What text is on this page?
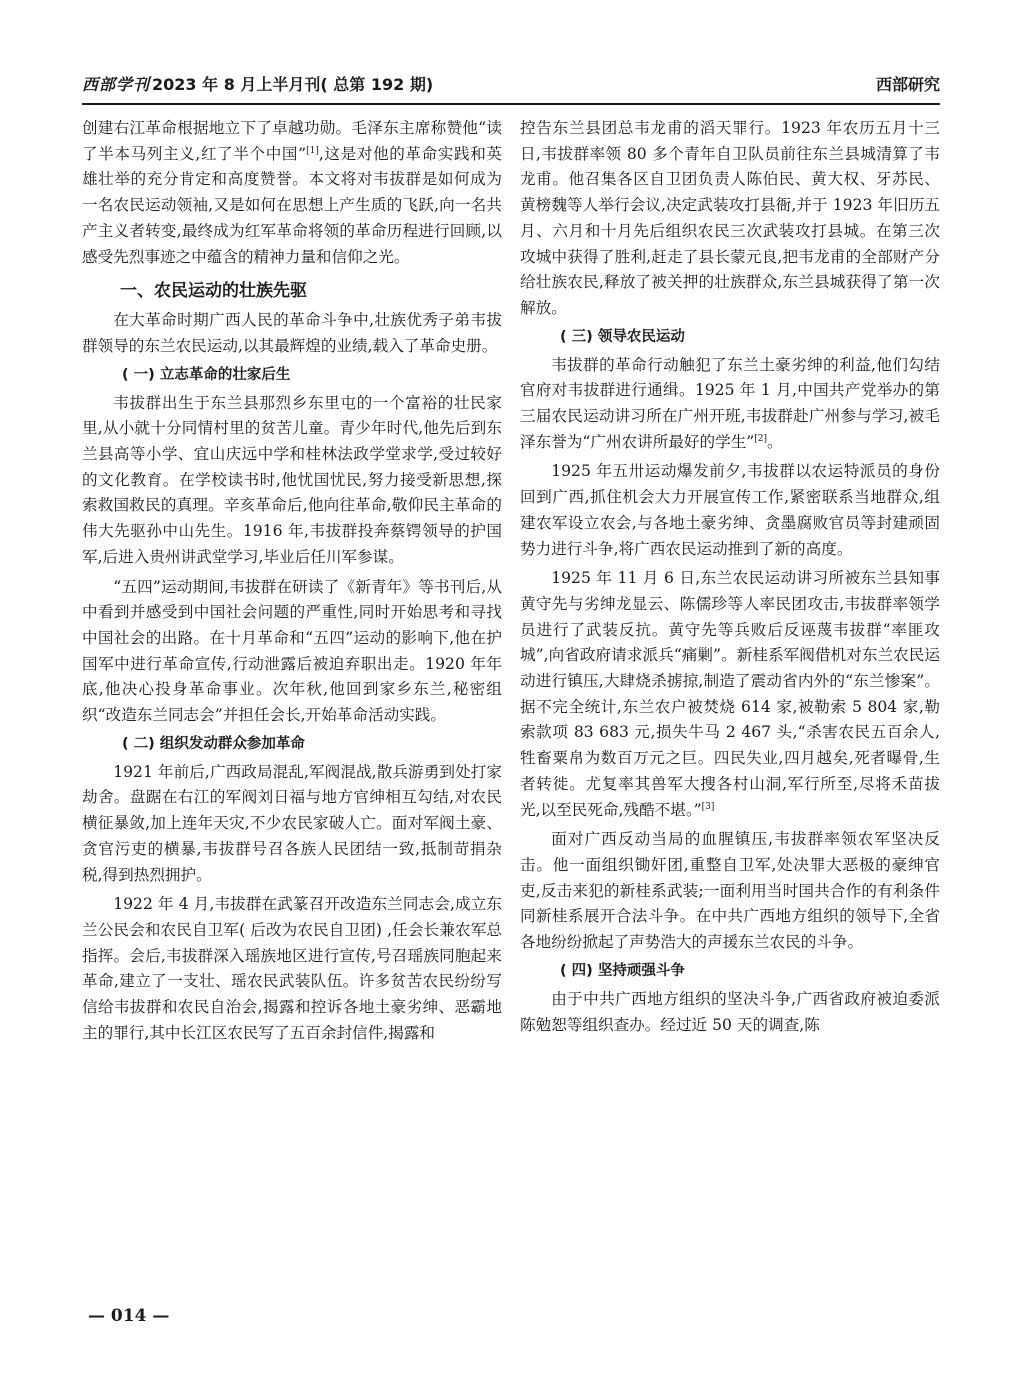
西部学刊 2023 年 8 月上半月刊( 总第 192 期)	西部研究

创建右江革命根据地立下了卓越功勋。毛泽东主席称赞他“读了半本马列主义,红了半个中国”[1],这是对他的革命实践和英雄壮举的充分肯定和高度赞誉。本文将对韦拔群是如何成为一名农民运动领袖,又是如何在思想上产生质的飞跃,向一名共产主义者转变,最终成为红军革命将领的革命历程进行回顾,以感受先烈事迹之中蕴含的精神力量和信仰之光。

一、农民运动的壮族先驱

在大革命时期广西人民的革命斗争中,壮族优秀子弟韦拔群领导的东兰农民运动,以其最辉煌的业绩,载入了革命史册。

( 一) 立志革命的壮家后生

韦拔群出生于东兰县那烈乡东里屯的一个富裕的壮民家里,从小就十分同情村里的贫苦儿童。青少年时代,他先后到东兰县高等小学、宜山庆远中学和桂林法政学堂求学,受过较好的文化教育。在学校读书时,他忧国忧民,努力接受新思想,探索救国救民的真理。辛亥革命后,他向往革命,敬仰民主革命的伟大先驱孙中山先生。1916 年,韦拔群投奔蔡锷领导的护国军,后进入贵州讲武堂学习,毕业后任川军参谋。

“五四”运动期间,韦拔群在研读了《新青年》等书刊后,从中看到并感受到中国社会问题的严重性,同时开始思考和寻找中国社会的出路。在十月革命和“五四”运动的影响下,他在护国军中进行革命宣传,行动泄露后被迫弃职出走。1920 年年底,他决心投身革命事业。次年秋,他回到家乡东兰,秘密组织“改造东兰同志会”并担任会长,开始革命活动实践。

( 二) 组织发动群众参加革命

1921 年前后,广西政局混乱,军阀混战,散兵游勇到处打家劫舍。盘踞在右江的军阀刘日福与地方官绅相互勾结,对农民横征暴敛,加上连年天灾,不少农民家破人亡。面对军阀土豪、贪官污吏的横暴,韦拔群号召各族人民团结一致,抵制苛捐杂税,得到热烈拥护。

1922 年 4 月,韦拔群在武篆召开改造东兰同志会,成立东兰公民会和农民自卫军( 后改为农民自卫团) ,任会长兼农军总指挥。会后,韦拔群深入瑶族地区进行宣传,号召瑶族同胞起来革命,建立了一支壮、瑶农民武装队伍。许多贫苦农民纷纷写信给韦拔群和农民自治会,揭露和控诉各地土豪劣绅、恶霸地主的罪行,其中长江区农民写了五百余封信件,揭露和

控告东兰县团总韦龙甫的滔天罪行。1923 年农历五月十三日,韦拔群率领 80 多个青年自卫队员前往东兰县城清算了韦龙甫。他召集各区自卫团负责人陈伯民、黄大权、牙苏民、黄榜魏等人举行会议,决定武装攻打县衙,并于 1923 年旧历五月、六月和十月先后组织农民三次武装攻打县城。在第三次攻城中获得了胜利,赶走了县长蒙元良,把韦龙甫的全部财产分给壮族农民,释放了被关押的壮族群众,东兰县城获得了第一次解放。

( 三) 领导农民运动

韦拔群的革命行动触犯了东兰土豪劣绅的利益,他们勾结官府对韦拔群进行通缉。1925 年 1 月,中国共产党举办的第三届农民运动讲习所在广州开班,韦拔群赴广州参与学习,被毛泽东誉为“广州农讲所最好的学生”[2]。

1925 年五卅运动爆发前夕,韦拔群以农运特派员的身份回到广西,抓住机会大力开展宣传工作,紧密联系当地群众,组建农军设立农会,与各地土豪劣绅、贪墨腐败官员等封建顽固势力进行斗争,将广西农民运动推到了新的高度。

1925 年 11 月 6 日,东兰农民运动讲习所被东兰县知事黄守先与劣绅龙显云、陈儒珍等人率民团攻击,韦拔群率领学员进行了武装反抗。黄守先等兵败后反诬蔑韦拔群“率匪攻城”,向省政府请求派兵“痛剿”。新桂系军阀借机对东兰农民运动进行镇压,大肆烧杀掳掠,制造了震动省内外的“东兰惨案”。据不完全统计,东兰农户被焚烧 614 家,被勒索 5 804 家,勒索款项 83 683 元,损失牛马 2 467 头,“杀害农民五百余人,牲畜粟帛为数百万元之巨。四民失业,四月越矣,死者曝骨,生者转徙。尤复率其兽军大搜各村山洞,军行所至,尽将禾苗拔光,以至民死命,残酷不堪。”[3]

面对广西反动当局的血腥镇压,韦拔群率领农军坚决反击。他一面组织锄奸团,重整自卫军,处决罪大恶极的豪绅官吏,反击来犯的新桂系武装;一面利用当时国共合作的有利条件同新桂系展开合法斗争。在中共广西地方组织的领导下,全省各地纷纷掀起了声势浩大的声援东兰农民的斗争。

( 四) 坚持顽强斗争

由于中共广西地方组织的坚决斗争,广西省政府被迫委派陈勉恕等组织查办。经过近 50 天的调查,陈

— 014 —
